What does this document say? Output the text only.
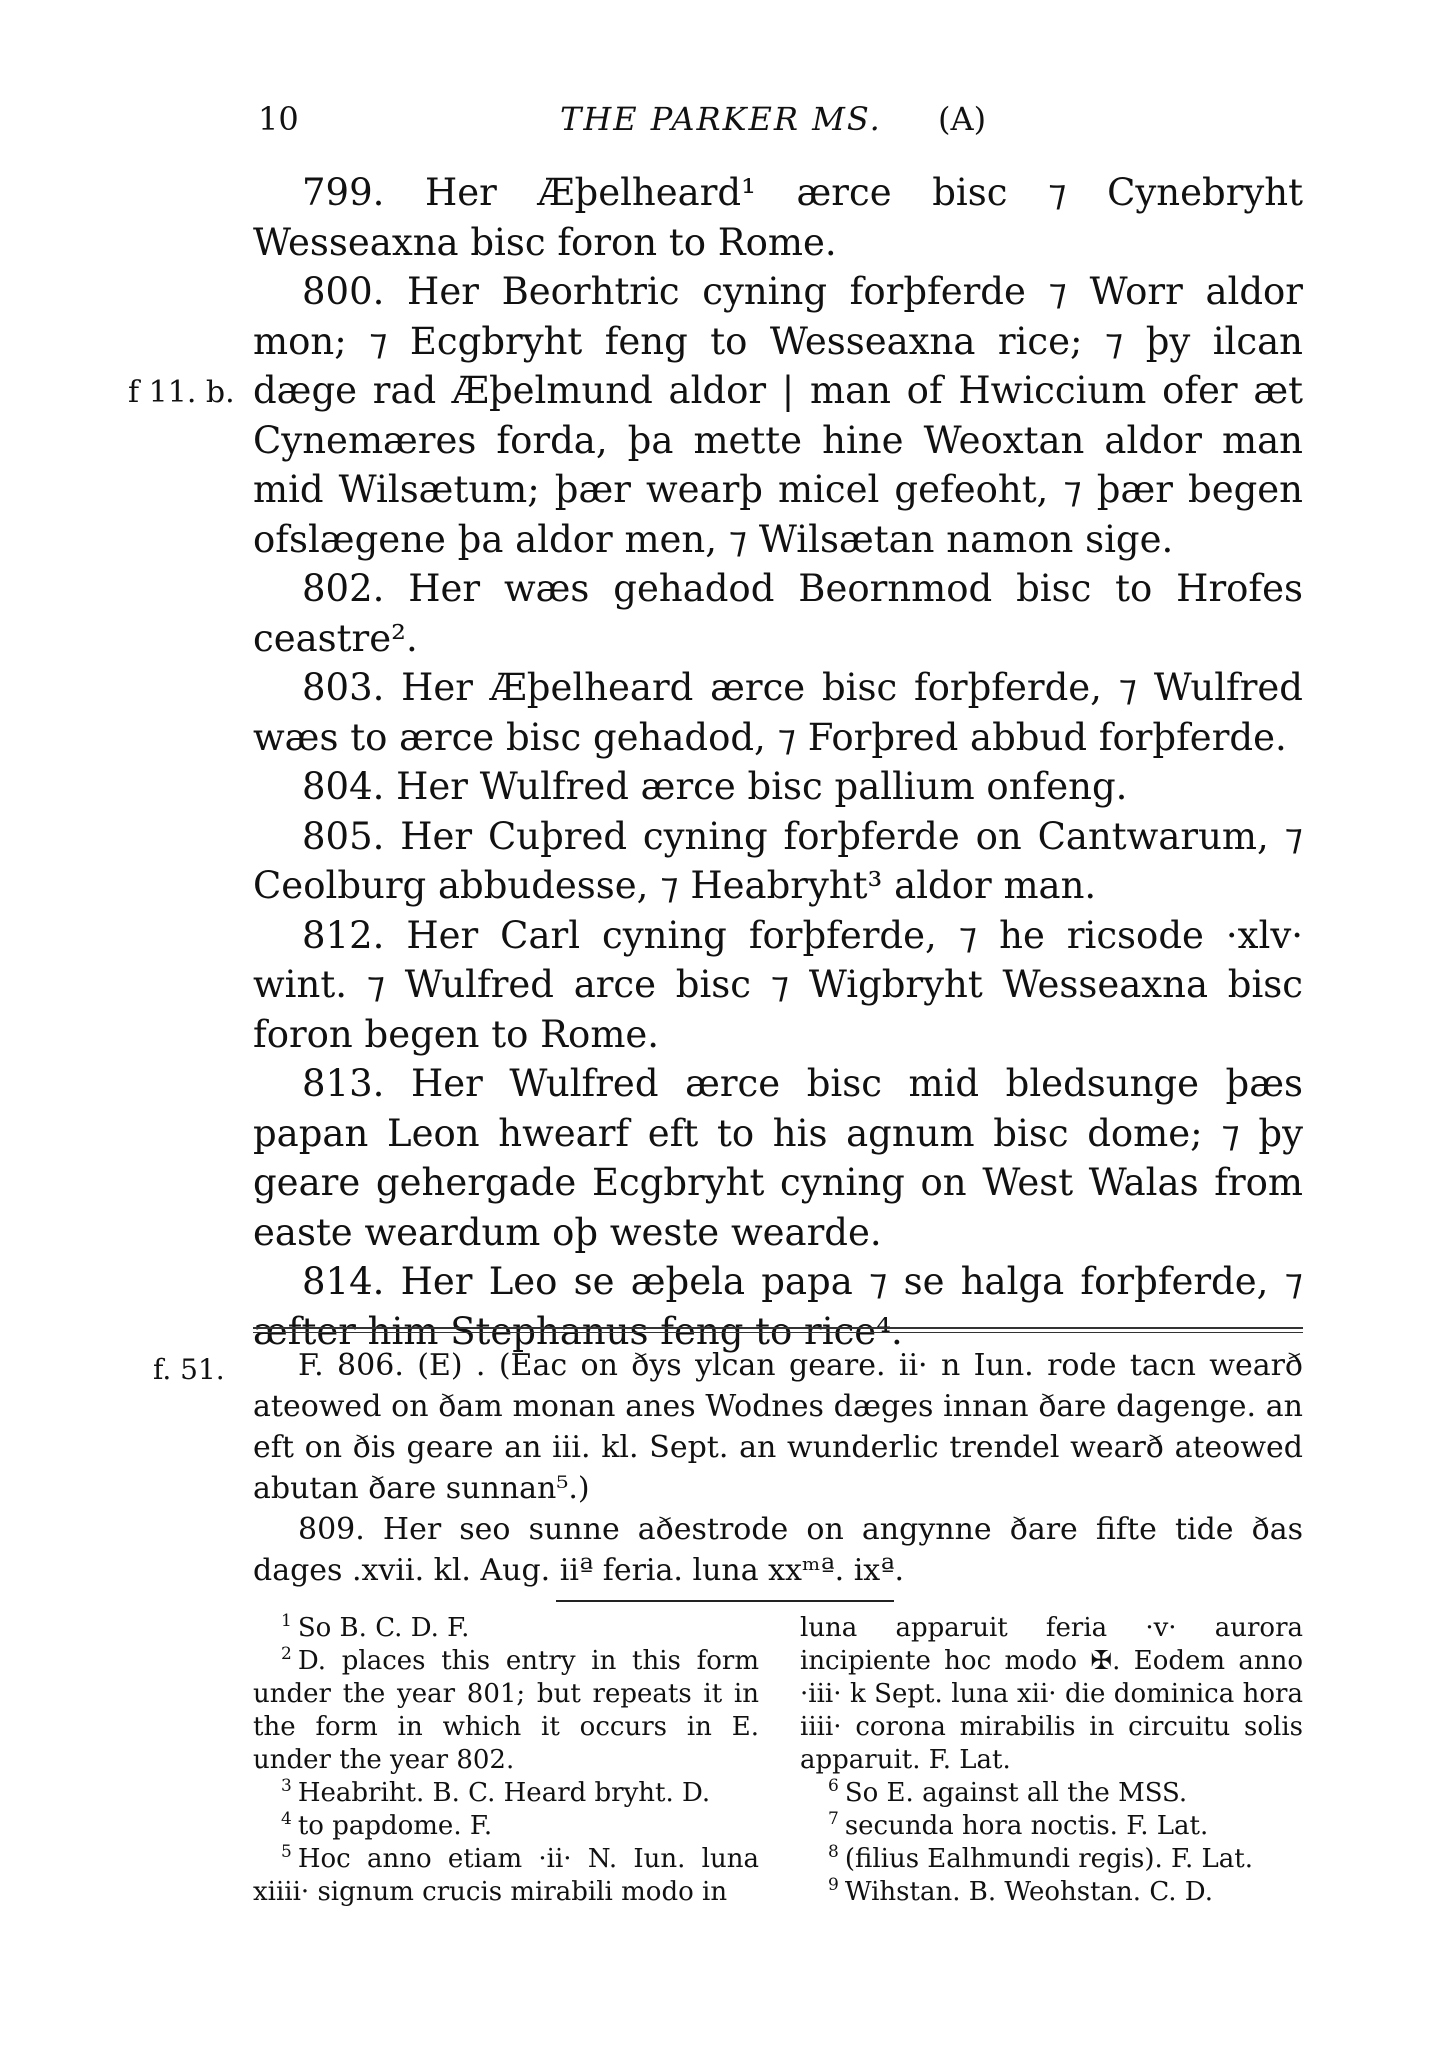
10	THE PARKER MS. (A)
f 11. b.

799. Her Æþelheard¹ ærce bisc ⁊ Cynebryht Wesseaxna bisc foron to Rome.

800. Her Beorhtric cyning forþferde ⁊ Worr aldor mon; ⁊ Ecgbryht feng to Wesseaxna rice; ⁊ þy ilcan dæge rad Æþelmund aldor | man of Hwiccium ofer æt Cynemæres forda, þa mette hine Weoxtan aldor man mid Wilsætum; þær wearþ micel gefeoht, ⁊ þær begen ofslægene þa aldor men, ⁊ Wilsætan namon sige.

802. Her wæs gehadod Beornmod bisc to Hrofes ceastre².

803. Her Æþelheard ærce bisc forþferde, ⁊ Wulfred wæs to ærce bisc gehadod, ⁊ Forþred abbud forþferde.

804. Her Wulfred ærce bisc pallium onfeng.

805. Her Cuþred cyning forþferde on Cantwarum, ⁊ Ceolburg abbudesse, ⁊ Heabryht³ aldor man.

812. Her Carl cyning forþferde, ⁊ he ricsode ·xlv· wint. ⁊ Wulfred arce bisc ⁊ Wigbryht Wesseaxna bisc foron begen to Rome.

813. Her Wulfred ærce bisc mid bledsunge þæs papan Leon hwearf eft to his agnum bisc dome; ⁊ þy geare gehergade Ecgbryht cyning on West Walas from easte weardum oþ weste wearde.

814. Her Leo se æþela papa ⁊ se halga forþferde, ⁊ æfter him Stephanus feng to rice⁴.

f. 51.	F. 806. (E) . (Eac on ðys ylcan geare. ii· n Iun. rode tacn wearð ateowed on ðam monan anes Wodnes dæges innan ðare dagenge. an eft on ðis geare an iii. kl. Sept. an wunderlic trendel wearð ateowed abutan ðare sunnan⁵.)

809. Her seo sunne aðestrode on angynne ðare fifte tide ðas dages .xvii. kl. Aug. iiª feria. luna xxᵐª. ixª.

$^1$ So B. C. D. F.

$^2$ D. places this entry in this form under the year 801; but repeats it in the form in which it occurs in E. under the year 802.

$^3$ Heabriht. B. C. Heard bryht. D.

$^4$ to papdome. F.

$^5$ Hoc anno etiam ·ii· N. Iun. luna xiiii· signum crucis mirabili modo in

luna apparuit feria ·v· aurora incipiente hoc modo ✠. Eodem anno ·iii· k Sept. luna xii· die dominica hora iiii· corona mirabilis in circuitu solis apparuit. F. Lat.

$^6$ So E. against all the MSS.

$^7$ secunda hora noctis. F. Lat.

$^8$ (filius Ealhmundi regis). F. Lat.

$^9$ Wihstan. B. Weohstan. C. D.
